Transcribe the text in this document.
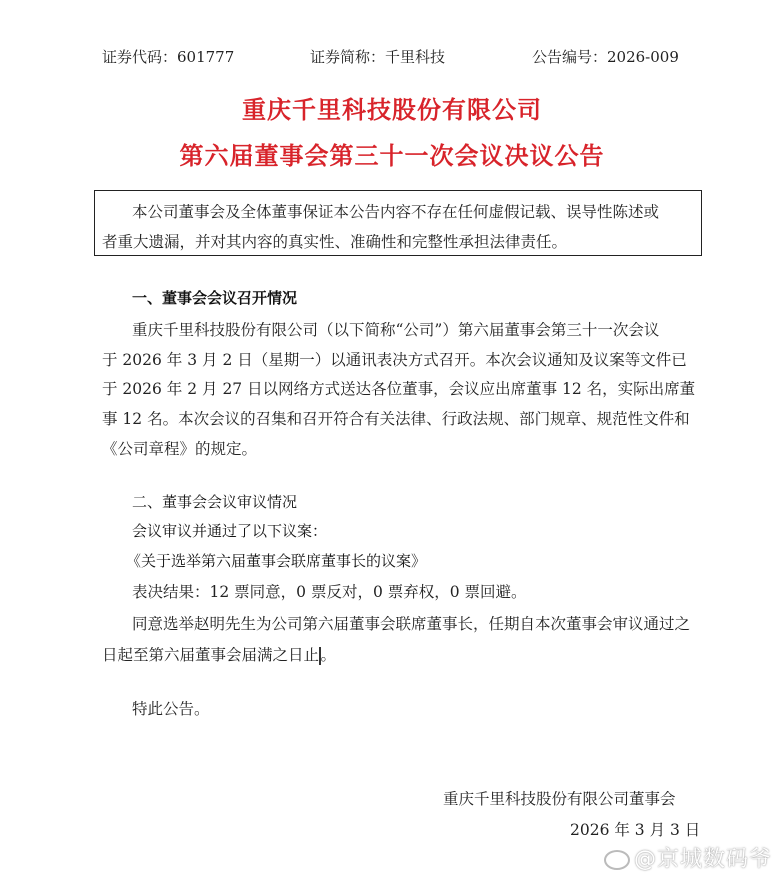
证券代码：601777	证券简称：千里科技	公告编号：2026-009
重庆千里科技股份有限公司
第六届董事会第三十一次会议决议公告
本公司董事会及全体董事保证本公告内容不存在任何虚假记载、误导性陈述或
者重大遗漏，并对其内容的真实性、准确性和完整性承担法律责任。
一、董事会会议召开情况
重庆千里科技股份有限公司（以下简称“公司”）第六届董事会第三十一次会议
于 2026 年 3 月 2 日（星期一）以通讯表决方式召开。本次会议通知及议案等文件已
于 2026 年 2 月 27 日以网络方式送达各位董事，会议应出席董事 12 名，实际出席董
事 12 名。本次会议的召集和召开符合有关法律、行政法规、部门规章、规范性文件和
《公司章程》的规定。
二、董事会会议审议情况
会议审议并通过了以下议案：
《关于选举第六届董事会联席董事长的议案》
表决结果：12 票同意，0 票反对，0 票弃权，0 票回避。
同意选举赵明先生为公司第六届董事会联席董事长，任期自本次董事会审议通过之
日起至第六届董事会届满之日止。
特此公告。
重庆千里科技股份有限公司董事会
2026 年 3 月 3 日
@京城数码爷
